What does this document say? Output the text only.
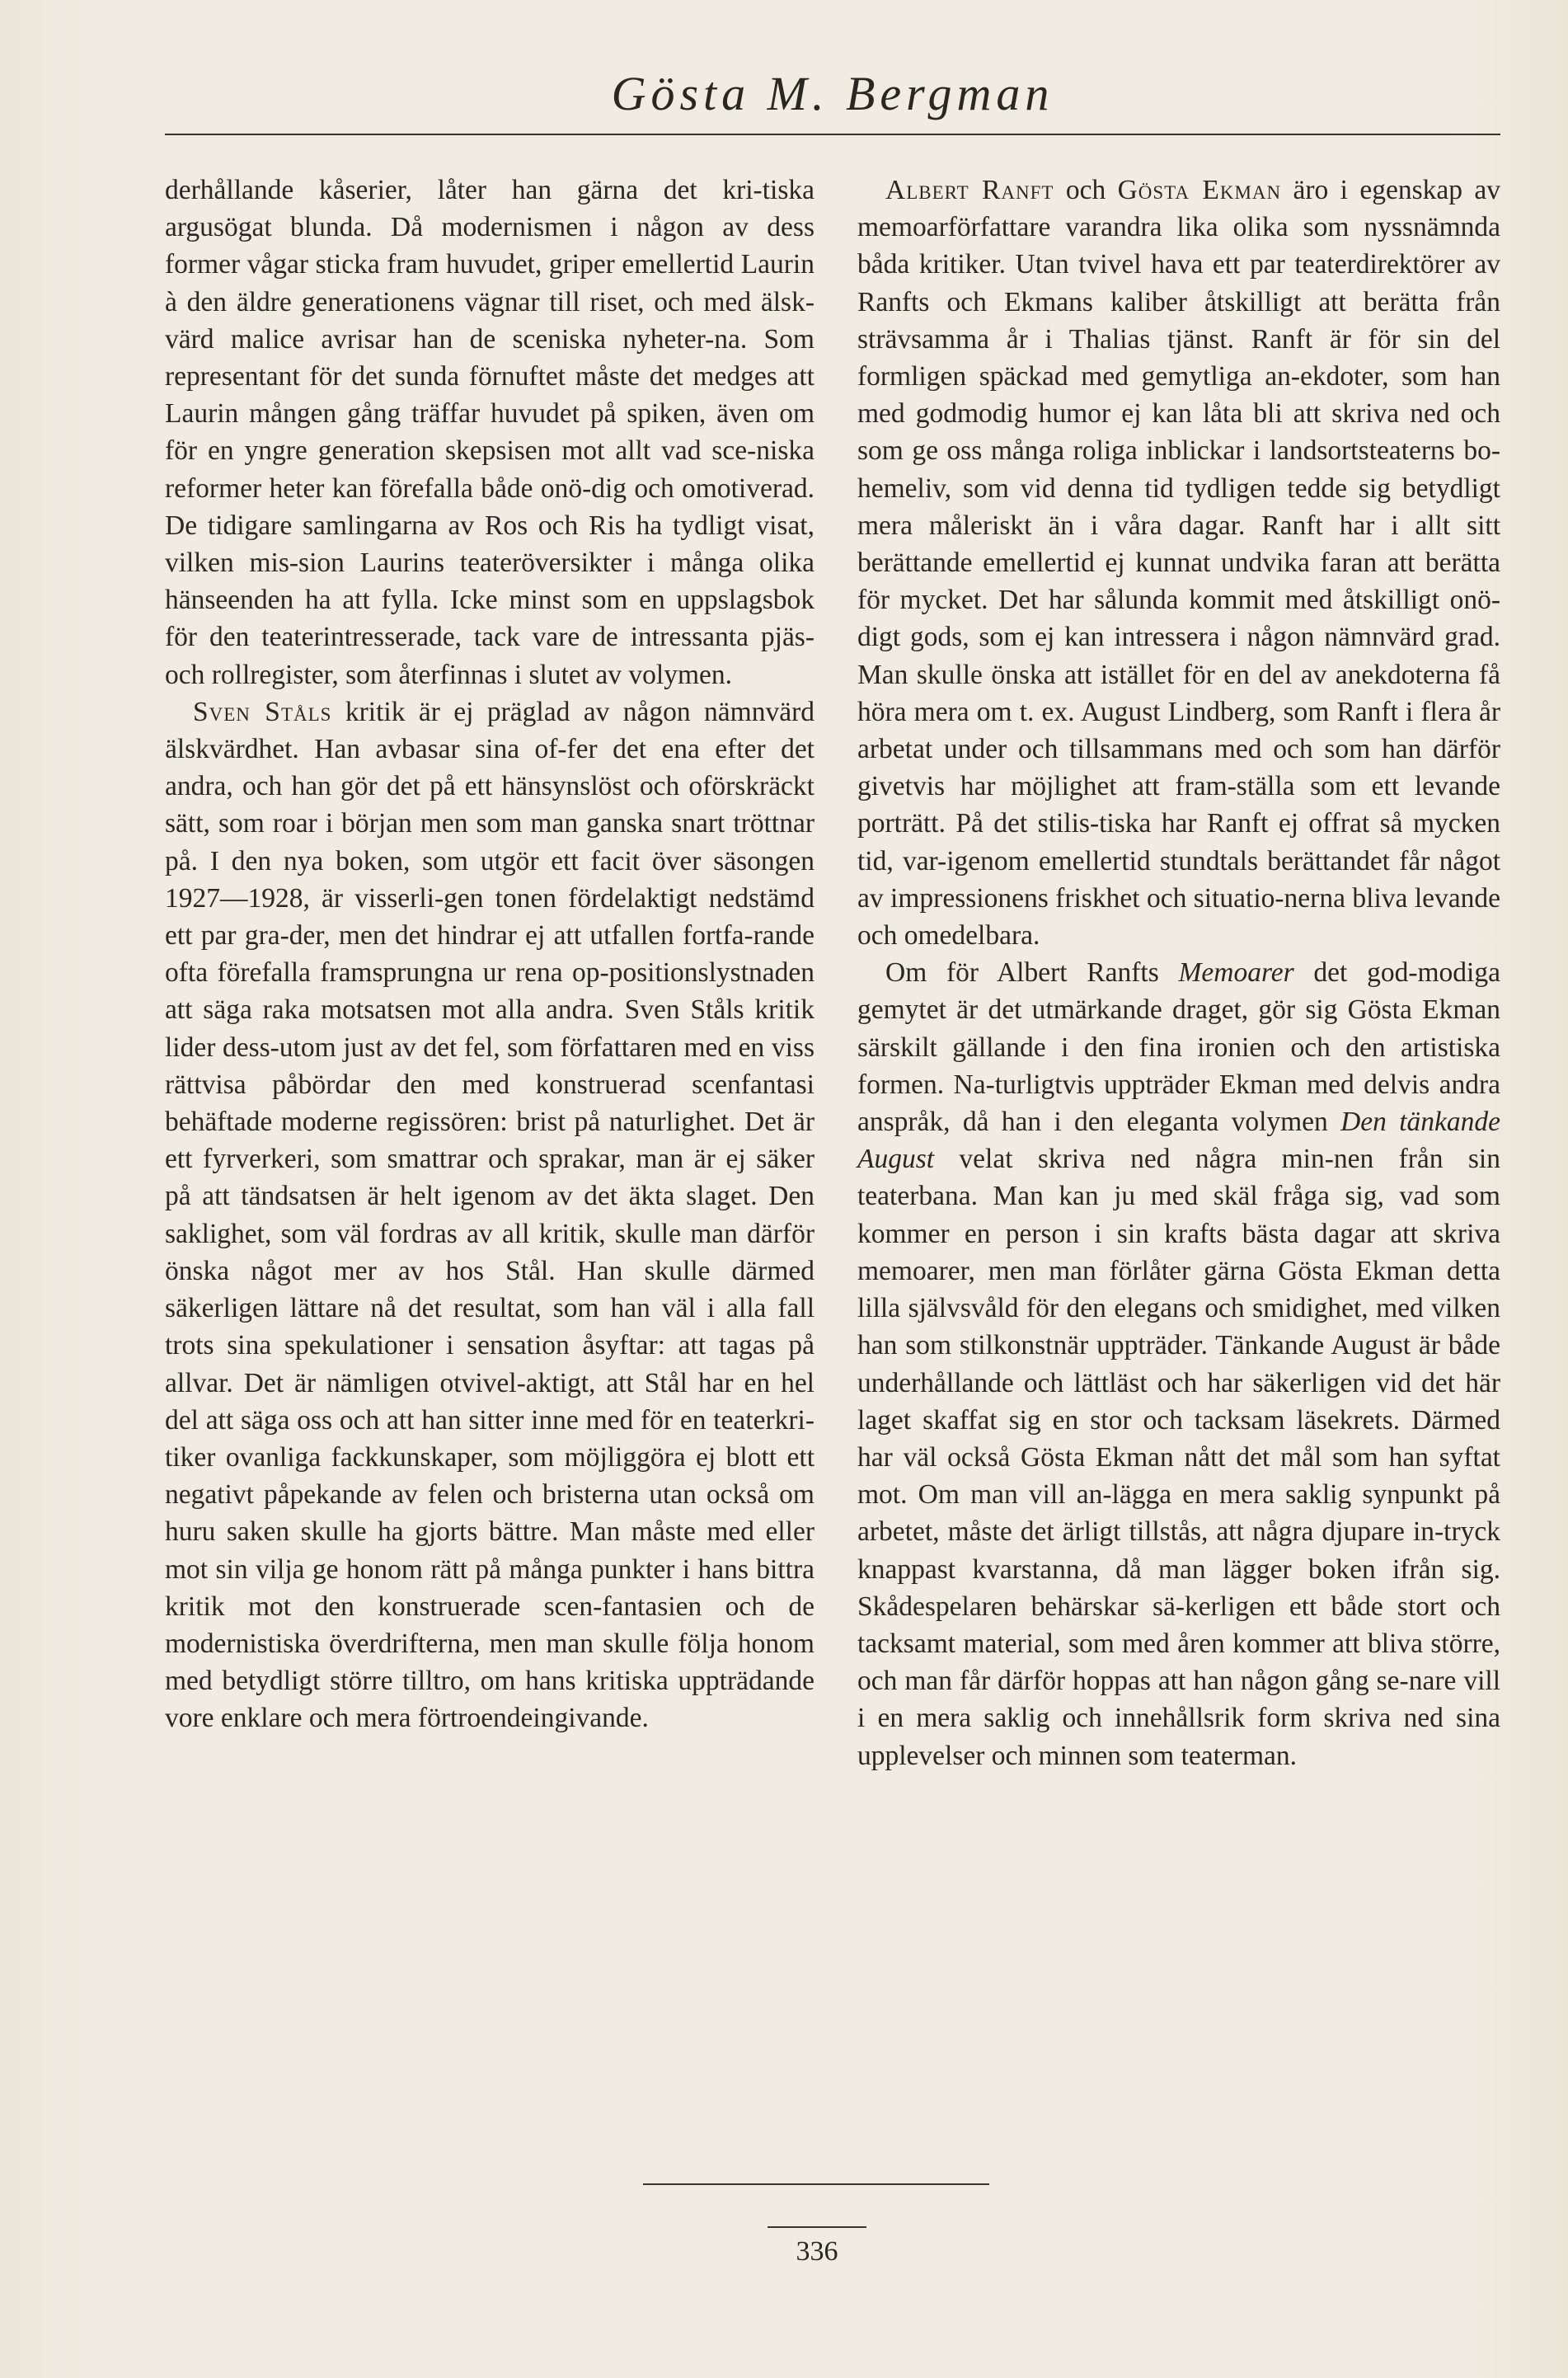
Gösta M. Bergman

derhållande kåserier, låter han gärna det kri-tiska argusögat blunda. Då modernismen i någon av dess former vågar sticka fram huvudet, griper emellertid Laurin à den äldre generationens vägnar till riset, och med älsk-värd malice avrisar han de sceniska nyheter-na. Som representant för det sunda förnuftet måste det medges att Laurin mången gång träffar huvudet på spiken, även om för en yngre generation skepsisen mot allt vad sce-niska reformer heter kan förefalla både onö-dig och omotiverad. De tidigare samlingarna av Ros och Ris ha tydligt visat, vilken mis-sion Laurins teateröversikter i många olika hänseenden ha att fylla. Icke minst som en uppslagsbok för den teaterintresserade, tack vare de intressanta pjäs- och rollregister, som återfinnas i slutet av volymen.

Sven Ståls kritik är ej präglad av någon nämnvärd älskvärdhet. Han avbasar sina of-fer det ena efter det andra, och han gör det på ett hänsynslöst och oförskräckt sätt, som roar i början men som man ganska snart tröttnar på. I den nya boken, som utgör ett facit över säsongen 1927—1928, är visserli-gen tonen fördelaktigt nedstämd ett par gra-der, men det hindrar ej att utfallen fortfa-rande ofta förefalla framsprungna ur rena op-positionslystnaden att säga raka motsatsen mot alla andra. Sven Ståls kritik lider dess-utom just av det fel, som författaren med en viss rättvisa påbördar den med konstruerad scenfantasi behäftade moderne regissören: brist på naturlighet. Det är ett fyrverkeri, som smattrar och sprakar, man är ej säker på att tändsatsen är helt igenom av det äkta slaget. Den saklighet, som väl fordras av all kritik, skulle man därför önska något mer av hos Stål. Han skulle därmed säkerligen lättare nå det resultat, som han väl i alla fall trots sina spekulationer i sensation åsyftar: att tagas på allvar. Det är nämligen otvivel-aktigt, att Stål har en hel del att säga oss och att han sitter inne med för en teaterkri-tiker ovanliga fackkunskaper, som möjliggöra ej blott ett negativt påpekande av felen och bristerna utan också om huru saken skulle ha gjorts bättre. Man måste med eller mot sin vilja ge honom rätt på många punkter i hans bittra kritik mot den konstruerade scen-fantasien och de modernistiska överdrifterna, men man skulle följa honom med betydligt större tilltro, om hans kritiska uppträdande vore enklare och mera förtroendeingivande.

Albert Ranft och Gösta Ekman äro i egenskap av memoarförfattare varandra lika olika som nyssnämnda båda kritiker. Utan tvivel hava ett par teaterdirektörer av Ranfts och Ekmans kaliber åtskilligt att berätta från strävsamma år i Thalias tjänst. Ranft är för sin del formligen späckad med gemytliga an-ekdoter, som han med godmodig humor ej kan låta bli att skriva ned och som ge oss många roliga inblickar i landsortsteaterns bo-hemeliv, som vid denna tid tydligen tedde sig betydligt mera måleriskt än i våra dagar. Ranft har i allt sitt berättande emellertid ej kunnat undvika faran att berätta för mycket. Det har sålunda kommit med åtskilligt onö-digt gods, som ej kan intressera i någon nämnvärd grad. Man skulle önska att istället för en del av anekdoterna få höra mera om t. ex. August Lindberg, som Ranft i flera år arbetat under och tillsammans med och som han därför givetvis har möjlighet att fram-ställa som ett levande porträtt. På det stilis-tiska har Ranft ej offrat så mycken tid, var-igenom emellertid stundtals berättandet får något av impressionens friskhet och situatio-nerna bliva levande och omedelbara.

Om för Albert Ranfts Memoarer det god-modiga gemytet är det utmärkande draget, gör sig Gösta Ekman särskilt gällande i den fina ironien och den artistiska formen. Na-turligtvis uppträder Ekman med delvis andra anspråk, då han i den eleganta volymen Den tänkande August velat skriva ned några min-nen från sin teaterbana. Man kan ju med skäl fråga sig, vad som kommer en person i sin krafts bästa dagar att skriva memoarer, men man förlåter gärna Gösta Ekman detta lilla självsvåld för den elegans och smidighet, med vilken han som stilkonstnär uppträder. Tänkande August är både underhållande och lättläst och har säkerligen vid det här laget skaffat sig en stor och tacksam läsekrets. Därmed har väl också Gösta Ekman nått det mål som han syftat mot. Om man vill an-lägga en mera saklig synpunkt på arbetet, måste det ärligt tillstås, att några djupare in-tryck knappast kvarstanna, då man lägger boken ifrån sig. Skådespelaren behärskar sä-kerligen ett både stort och tacksamt material, som med åren kommer att bliva större, och man får därför hoppas att han någon gång se-nare vill i en mera saklig och innehållsrik form skriva ned sina upplevelser och minnen som teaterman.

336
